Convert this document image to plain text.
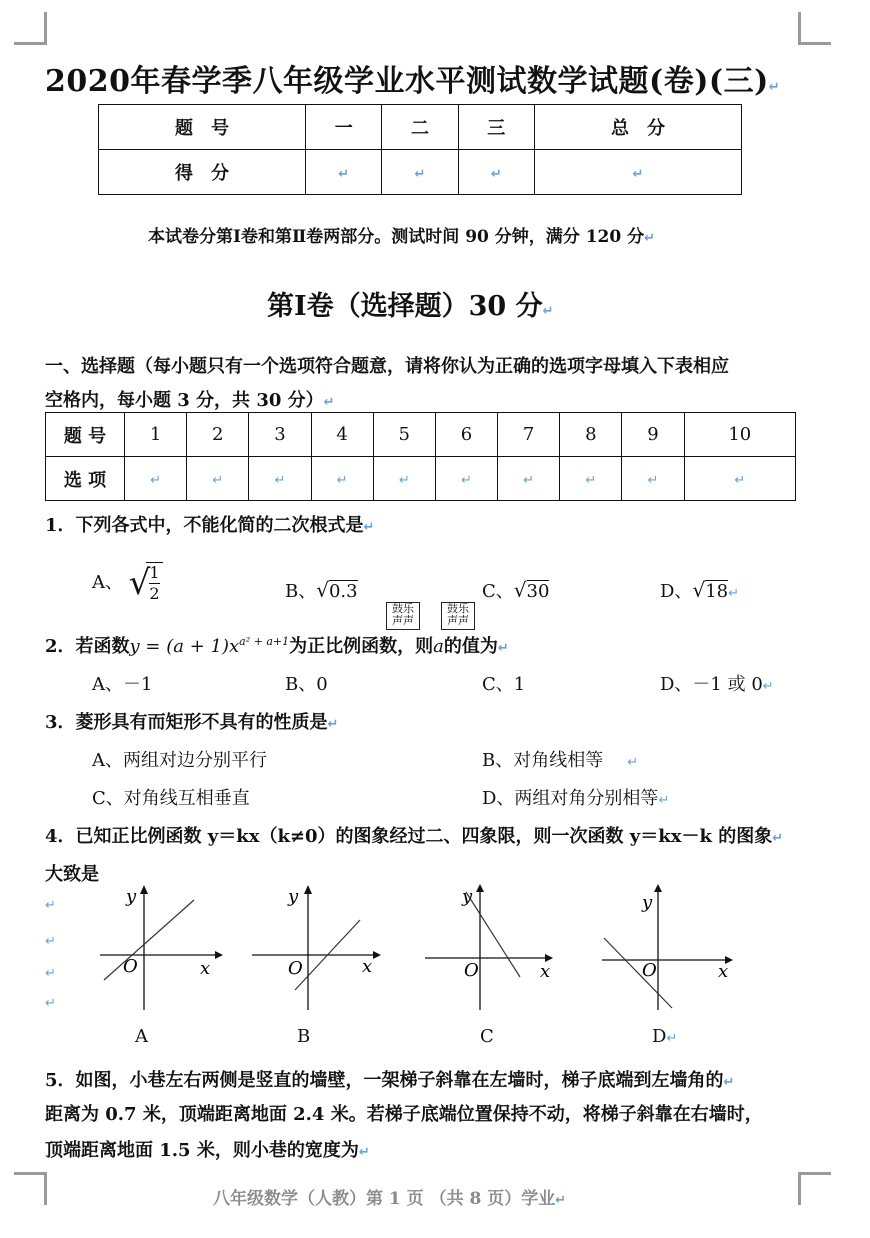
2020年春学季八年级学业水平测试数学试题(卷)(三)↵
题　号	一	二	三	总　分
得　分	↵	↵	↵	↵
本试卷分第Ⅰ卷和第Ⅱ卷两部分。测试时间 90 分钟，满分 120 分↵
第Ⅰ卷（选择题）30 分↵
一、选择题（每小题只有一个选项符合题意，请将你认为正确的选项字母填入下表相应
空格内，每小题 3 分，共 30 分）↵
题 号	1	2	3	4	5	6	7	8	9	10
选 项	↵	↵	↵	↵	↵	↵	↵	↵	↵	↵
1．下列各式中，不能化简的二次根式是↵
A、 √
$\frac{1}{2}$	B、√0.3	C、√30	D、√18↵
鼓乐
声声
鼓乐
声声
2．若函数$y = (a + 1)x^{a^2 + a+1}$为正比例函数，则a的值为↵
A、－1	B、0	C、1	D、－1 或 0↵
3．菱形具有而矩形不具有的性质是↵
A、两组对边分别平行	B、对角线相等 ↵
C、对角线互相垂直	D、两组对角分别相等↵
4．已知正比例函数 y＝kx（k≠0）的图象经过二、四象限，则一次函数 y＝kx－k 的图象↵
大致是
↵
↵
↵
↵
y
O	x
y
O	x
y
O	x
y
O	x
A	B	C	D↵
5．如图，小巷左右两侧是竖直的墙壁，一架梯子斜靠在左墙时，梯子底端到左墙角的↵
距离为 0.7 米，顶端距离地面 2.4 米。若梯子底端位置保持不动，将梯子斜靠在右墙时，
顶端距离地面 1.5 米，则小巷的宽度为↵
八年级数学（人教）第 1 页 （共 8 页）学业↵
